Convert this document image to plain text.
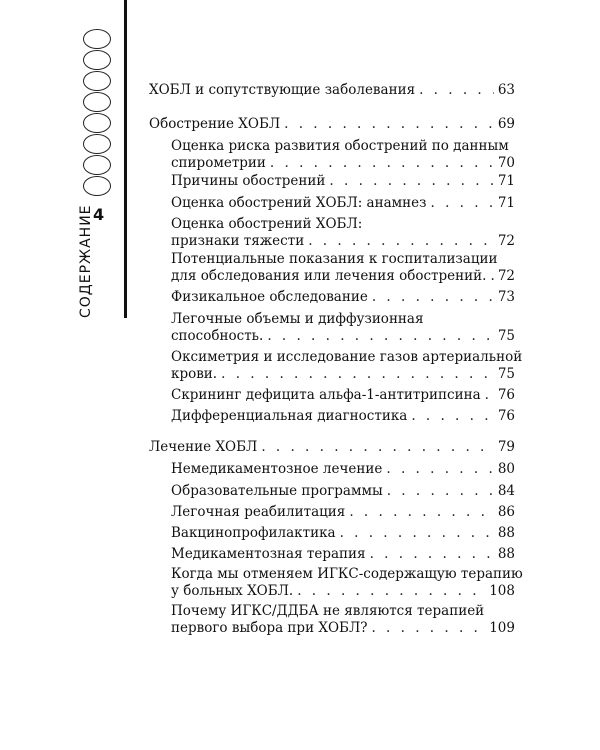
4
СОДЕРЖАНИЕ
ХОБЛ и сопутствующие заболевания . . .	63
Обострение ХОБЛ . . .	69
Оценка риска развития обострений по данным
спирометрии . . .	70
Причины обострений . . .	71
Оценка обострений ХОБЛ: анамнез . . .	71
Оценка обострений ХОБЛ:
признаки тяжести . . .	72
Потенциальные показания к госпитализации
для обследования или лечения обострений. . . . 72
Физикальное обследование . . .	73
Легочные объемы и диффузионная
способность. . . .	75
Оксиметрия и исследование газов артериальной
крови. . . .	75
Скрининг дефицита альфа-1-антитрипсина . . . 76
Дифференциальная диагностика . . .	76
Лечение ХОБЛ . . .	79
Немедикаментозное лечение . . .	80
Образовательные программы . . .	84
Легочная реабилитация . . .	86
Вакцинопрофилактика . . .	88
Медикаментозная терапия . . .	88
Когда мы отменяем ИГКС-содержащую терапию
у больных ХОБЛ. . . .	108
Почему ИГКС/ДДБА не являются терапией
первого выбора при ХОБЛ? . . .	109
